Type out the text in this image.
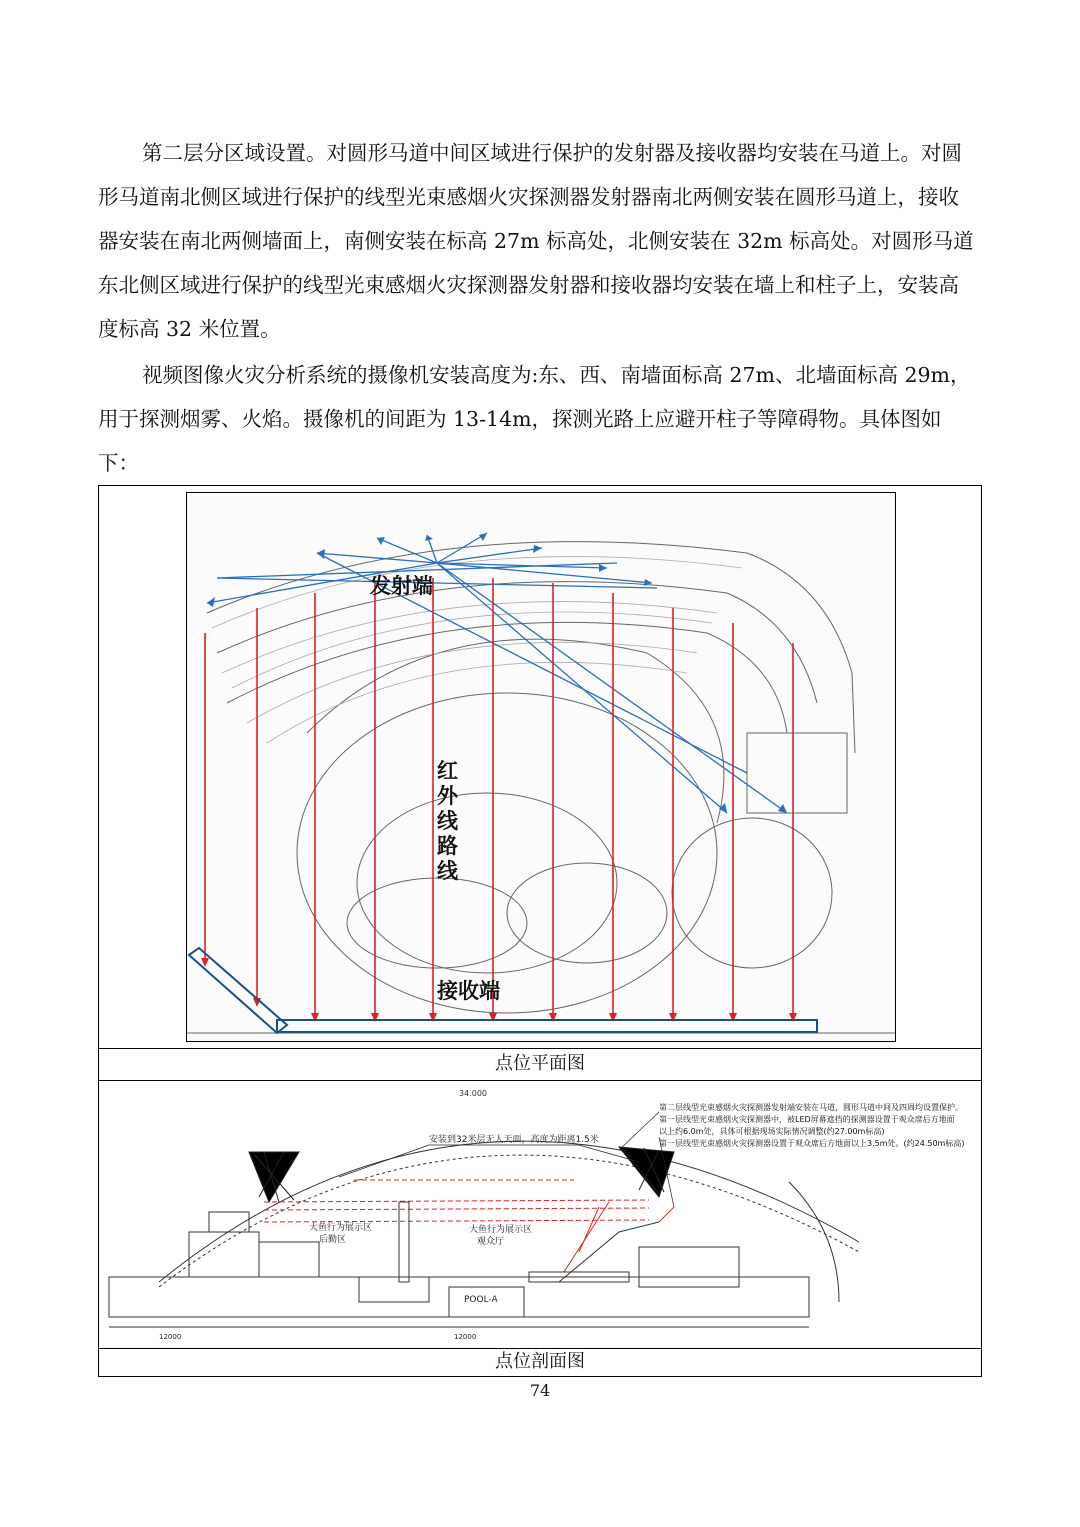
第二层分区域设置。对圆形马道中间区域进行保护的发射器及接收器均安装在马道上。对圆形马道南北侧区域进行保护的线型光束感烟火灾探测器发射器南北两侧安装在圆形马道上，接收器安装在南北两侧墙面上，南侧安装在标高 27m 标高处，北侧安装在 32m 标高处。对圆形马道东北侧区域进行保护的线型光束感烟火灾探测器发射器和接收器均安装在墙上和柱子上，安装高度标高 32 米位置。

视频图像火灾分析系统的摄像机安装高度为:东、西、南墙面标高 27m、北墙面标高 29m，用于探测烟雾、火焰。摄像机的间距为 13-14m，探测光路上应避开柱子等障碍物。具体图如下：

发射端
红
外
线
路
线
接收端
点位平面图
34.000
安装到32米层无人天面，高度为距离1.5米
第二层线型光束感烟火灾探测器发射端安装在马道，圆形马道中间及四周均设置保护。
第一层线型光束感烟火灾探测器中，被LED屏幕遮挡的探测器设置于观众席后方地面
以上约6.0m处，具体可根据现场实际情况调整(约27.00m标高)
第一层线型光束感烟火灾探测器设置于观众席后方地面以上3.5m处。(约24.50m标高)
大鱼行为展示区
后勤区
大鱼行为展示区
观众厅
POOL-A
12000	12000
点位剖面图
74
